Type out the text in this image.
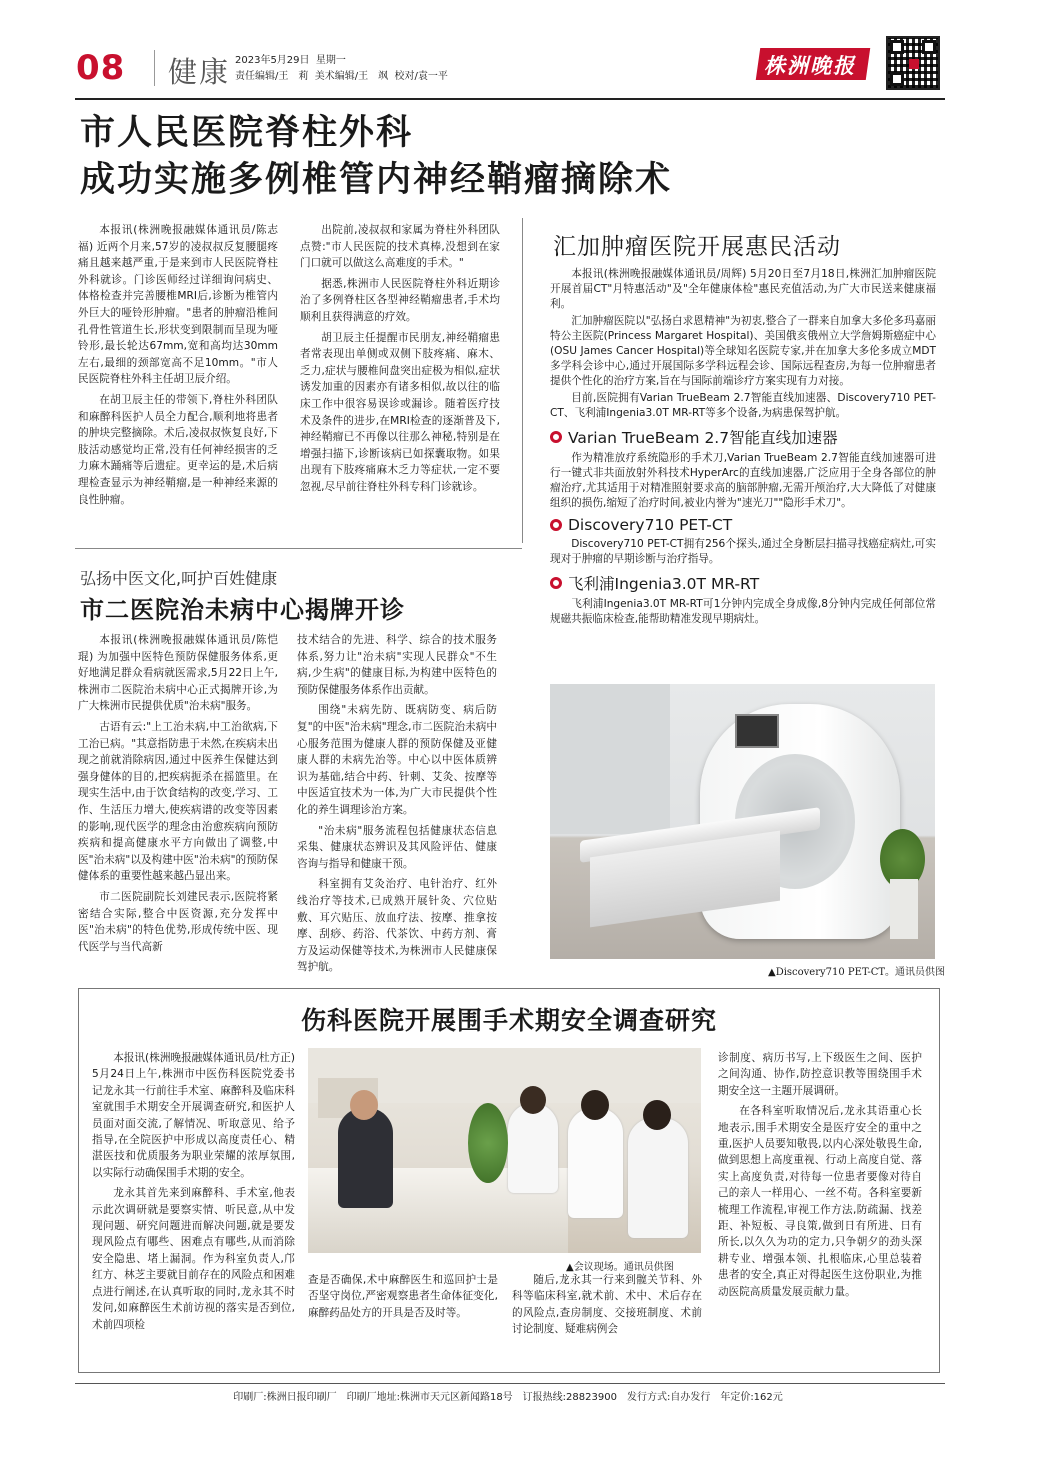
08 健康 2023年5月29日  星期一
责任编辑/王　莉  美术编辑/王　飒  校对/袁一平	株洲晚报
市人民医院脊柱外科
成功实施多例椎管内神经鞘瘤摘除术

本报讯(株洲晚报融媒体通讯员/陈志福) 近两个月来,57岁的凌叔叔反复腰腿疼痛且越来越严重,于是来到市人民医院脊柱外科就诊。门诊医师经过详细询问病史、体格检查并完善腰椎MRI后,诊断为椎管内外巨大的哑铃形肿瘤。"患者的肿瘤沿椎间孔骨性管道生长,形状变到限制而呈现为哑铃形,最长轮达67mm,宽和高均达30mm左右,最细的颈部宽高不足10mm。"市人民医院脊柱外科主任胡卫辰介绍。

在胡卫辰主任的带领下,脊柱外科团队和麻醉科医护人员全力配合,顺利地将患者的肿块完整摘除。术后,凌叔叔恢复良好,下肢活动感觉均正常,没有任何神经损害的乏力麻木踊痛等后遗症。更幸运的是,术后病理检查显示为神经鞘瘤,是一种神经来源的良性肿瘤。

出院前,凌叔叔和家属为脊柱外科团队点赞:"市人民医院的技术真棒,没想到在家门口就可以做这么高难度的手术。"

据悉,株洲市人民医院脊柱外科近期诊治了多例脊柱区各型神经鞘瘤患者,手术均顺利且获得满意的疗效。

胡卫辰主任提醒市民朋友,神经鞘瘤患者常表现出单侧或双侧下肢疼痛、麻木、乏力,症状与腰椎间盘突出症极为相似,症状诱发加重的因素亦有诸多相似,故以往的临床工作中很容易误诊或漏诊。随着医疗技术及条件的进步,在MRI检查的逐渐普及下,神经鞘瘤已不再像以往那么神秘,特别是在增强扫描下,诊断该病已如探囊取物。如果出现有下肢疼痛麻木乏力等症状,一定不要忽视,尽早前往脊柱外科专科门诊就诊。

汇加肿瘤医院开展惠民活动

本报讯(株洲晚报融媒体通讯员/周辉) 5月20日至7月18日,株洲汇加肿瘤医院开展首届CT"月特惠活动"及"全年健康体检"惠民充值活动,为广大市民送来健康福利。

汇加肿瘤医院以"弘扬白求恩精神"为初衷,整合了一群来自加拿大多伦多玛嘉丽特公主医院(Princess Margaret Hospital)、美国俄亥俄州立大学詹姆斯癌症中心(OSU James Cancer Hospital)等全球知名医院专家,并在加拿大多伦多成立MDT多学科会诊中心,通过开展国际多学科远程会诊、国际远程查房,为每一位肿瘤患者提供个性化的治疗方案,旨在与国际前端诊疗方案实现有力对接。

目前,医院拥有Varian TrueBeam 2.7智能直线加速器、Discovery710 PET-CT、飞利浦Ingenia3.0T MR-RT等多个设备,为病患保驾护航。

Varian TrueBeam 2.7智能直线加速器

作为精准放疗系统隐形的手术刀,Varian TrueBeam 2.7智能直线加速器可进行一键式非共面放射外科技术HyperArc的直线加速器,广泛应用于全身各部位的肿瘤治疗,尤其适用于对精准照射要求高的脑部肿瘤,无需开颅治疗,大大降低了对健康组织的损伤,缩短了治疗时间,被业内誉为"速光刀""隐形手术刀"。

Discovery710 PET-CT

Discovery710 PET-CT拥有256个探头,通过全身断层扫描寻找癌症病灶,可实现对于肿瘤的早期诊断与治疗指导。

飞利浦Ingenia3.0T MR-RT

飞利浦Ingenia3.0T MR-RT可1分钟内完成全身成像,8分钟内完成任何部位常规磁共振临床检查,能帮助精准发现早期病灶。

▲Discovery710 PET-CT。通讯员供图
弘扬中医文化,呵护百姓健康
市二医院治未病中心揭牌开诊

本报讯(株洲晚报融媒体通讯员/陈恺琨) 为加强中医特色预防保健服务体系,更好地满足群众看病就医需求,5月22日上午,株洲市二医院治未病中心正式揭牌开诊,为广大株洲市民提供优质"治未病"服务。

古语有云:"上工治未病,中工治欲病,下工治已病。"其意指防患于未然,在疾病未出现之前就消除病因,通过中医养生保健达到强身健体的目的,把疾病扼杀在摇篮里。在现实生活中,由于饮食结构的改变,学习、工作、生活压力增大,使疾病谱的改变等因素的影响,现代医学的理念由治愈疾病向预防疾病和提高健康水平方向做出了调整,中医"治未病"以及构建中医"治未病"的预防保健体系的重要性越来越凸显出来。

市二医院副院长刘建民表示,医院将紧密结合实际,整合中医资源,充分发挥中医"治未病"的特色优势,形成传统中医、现代医学与当代高新

技术结合的先进、科学、综合的技术服务体系,努力让"治未病"实现人民群众"不生病,少生病"的健康目标,为构建中医特色的预防保健服务体系作出贡献。

围绕"未病先防、既病防变、病后防复"的中医"治未病"理念,市二医院治未病中心服务范围为健康人群的预防保健及亚健康人群的未病先治等。中心以中医体质辨识为基础,结合中药、针刺、艾灸、按摩等中医适宜技术为一体,为广大市民提供个性化的养生调理诊治方案。

"治未病"服务流程包括健康状态信息采集、健康状态辨识及其风险评估、健康咨询与指导和健康干预。

科室拥有艾灸治疗、电针治疗、红外线治疗等技术,已成熟开展针灸、穴位贴敷、耳穴贴压、放血疗法、按摩、推拿按摩、刮痧、药浴、代茶饮、中药方剂、膏方及运动保健等技术,为株洲市人民健康保驾护航。

伤科医院开展围手术期安全调查研究

本报讯(株洲晚报融媒体通讯员/杜方正) 5月24日上午,株洲市中医伤科医院党委书记龙永其一行前往手术室、麻醉科及临床科室就围手术期安全开展调查研究,和医护人员面对面交流,了解情况、听取意见、给予指导,在全院医护中形成以高度责任心、精湛医技和优质服务为职业荣耀的浓厚氛围,以实际行动确保围手术期的安全。

龙永其首先来到麻醉科、手术室,他表示此次调研就是要察实情、听民意,从中发现问题、研究问题进而解决问题,就是要发现风险点有哪些、困难点有哪些,从而消除安全隐患、堵上漏洞。作为科室负责人,邝红方、林芝主要就目前存在的风险点和困难点进行阐述,在认真听取的同时,龙永其不时发问,如麻醉医生术前访视的落实是否到位,术前四项检

▲会议现场。通讯员供图

查是否确保,术中麻醉医生和巡回护士是否坚守岗位,严密观察患者生命体征变化,麻醉药品处方的开具是否及时等。

随后,龙永其一行来到髋关节科、外科等临床科室,就术前、术中、术后存在的风险点,查房制度、交接班制度、术前讨论制度、疑难病例会

诊制度、病历书写,上下级医生之间、医护之间沟通、协作,防控意识教等围绕围手术期安全这一主题开展调研。

在各科室听取情况后,龙永其语重心长地表示,围手术期安全是医疗安全的重中之重,医护人员要知敬畏,以内心深处敬畏生命,做到思想上高度重视、行动上高度自觉、落实上高度负责,对待每一位患者要像对待自己的亲人一样用心、一丝不苟。各科室要新梳理工作流程,审视工作方法,防疏漏、找差距、补短板、寻良策,做到日有所进、日有所长,以久久为功的定力,只争朝夕的劲头深耕专业、增强本领、扎根临床,心里总装着患者的安全,真正对得起医生这份职业,为推动医院高质量发展贡献力量。

印刷厂:株洲日报印刷厂　印刷厂地址:株洲市天元区新闻路18号　订报热线:28823900　发行方式:自办发行　年定价:162元
